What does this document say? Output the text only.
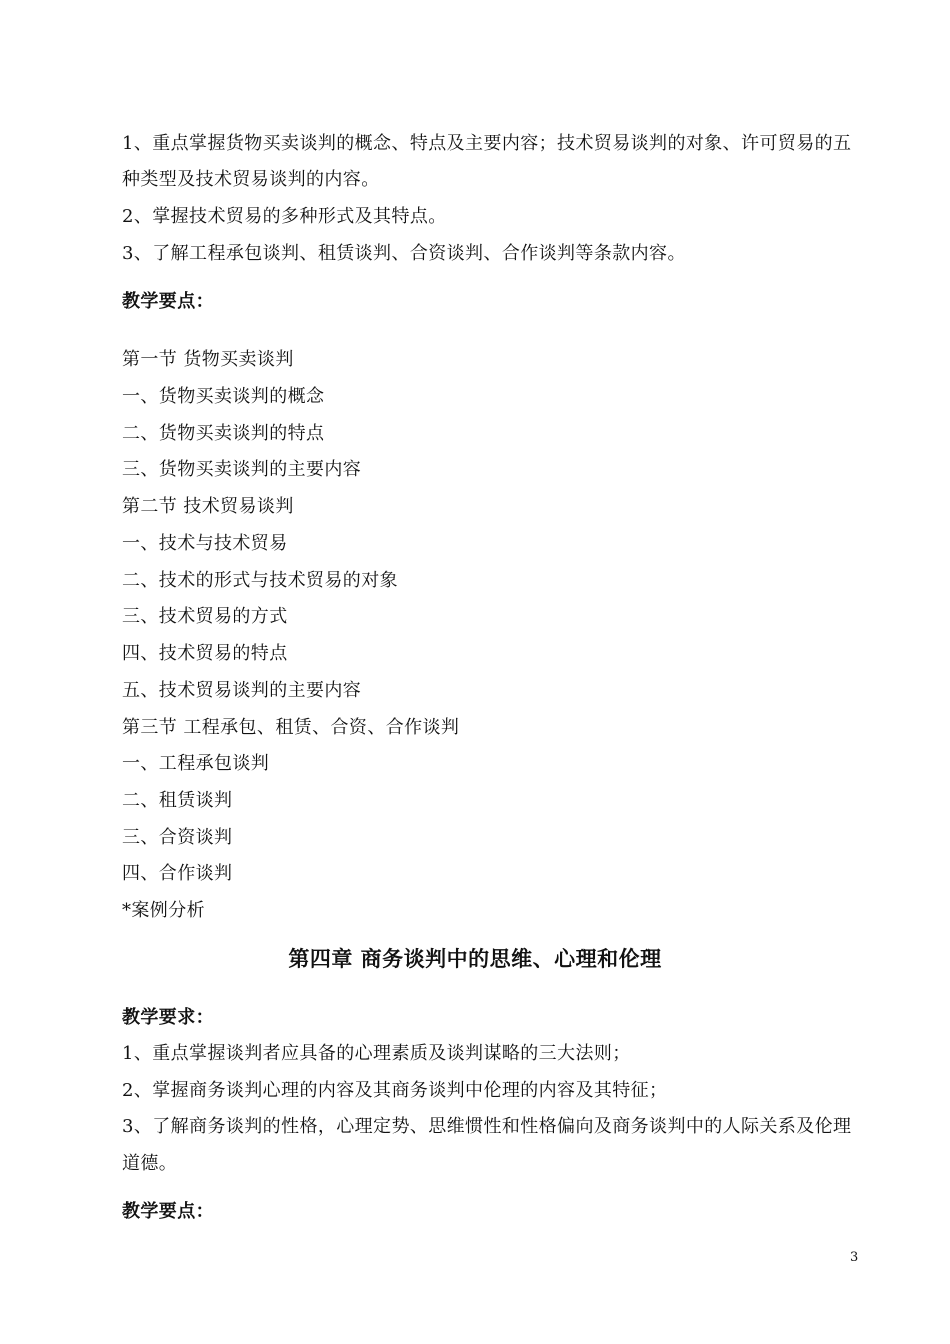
1、重点掌握货物买卖谈判的概念、特点及主要内容；技术贸易谈判的对象、许可贸易的五
种类型及技术贸易谈判的内容。
2、掌握技术贸易的多种形式及其特点。
3、了解工程承包谈判、租赁谈判、合资谈判、合作谈判等条款内容。
教学要点：
第一节 货物买卖谈判
一、货物买卖谈判的概念
二、货物买卖谈判的特点
三、货物买卖谈判的主要内容
第二节 技术贸易谈判
一、技术与技术贸易
二、技术的形式与技术贸易的对象
三、技术贸易的方式
四、技术贸易的特点
五、技术贸易谈判的主要内容
第三节 工程承包、租赁、合资、合作谈判
一、工程承包谈判
二、租赁谈判
三、合资谈判
四、合作谈判
*案例分析
第四章 商务谈判中的思维、心理和伦理
教学要求：
1、重点掌握谈判者应具备的心理素质及谈判谋略的三大法则；
2、掌握商务谈判心理的内容及其商务谈判中伦理的内容及其特征；
3、了解商务谈判的性格，心理定势、思维惯性和性格偏向及商务谈判中的人际关系及伦理
道德。
教学要点：
3
